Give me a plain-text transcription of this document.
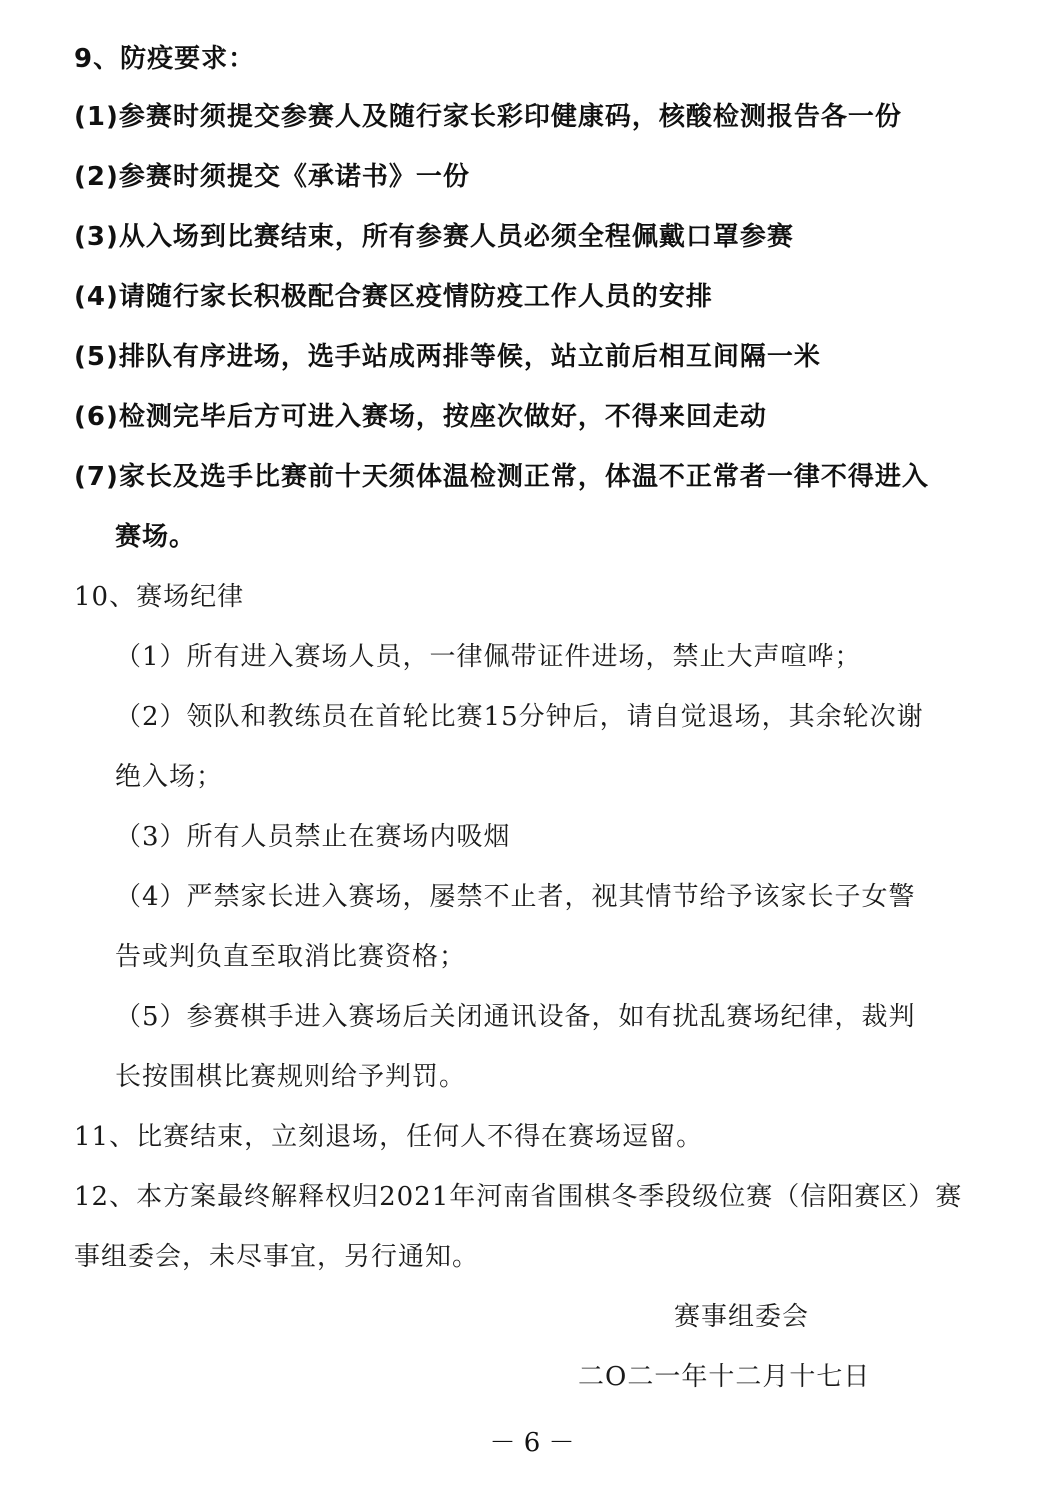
9、防疫要求：
(1)参赛时须提交参赛人及随行家长彩印健康码，核酸检测报告各一份
(2)参赛时须提交《承诺书》一份
(3)从入场到比赛结束，所有参赛人员必须全程佩戴口罩参赛
(4)请随行家长积极配合赛区疫情防疫工作人员的安排
(5)排队有序进场，选手站成两排等候，站立前后相互间隔一米
(6)检测完毕后方可进入赛场，按座次做好，不得来回走动
(7)家长及选手比赛前十天须体温检测正常，体温不正常者一律不得进入
赛场。
10、赛场纪律
（1）所有进入赛场人员，一律佩带证件进场，禁止大声喧哗；
（2）领队和教练员在首轮比赛15分钟后，请自觉退场，其余轮次谢
绝入场；
（3）所有人员禁止在赛场内吸烟
（4）严禁家长进入赛场，屡禁不止者，视其情节给予该家长子女警
告或判负直至取消比赛资格；
（5）参赛棋手进入赛场后关闭通讯设备，如有扰乱赛场纪律，裁判
长按围棋比赛规则给予判罚。
11、比赛结束，立刻退场，任何人不得在赛场逗留。
12、本方案最终解释权归2021年河南省围棋冬季段级位赛（信阳赛区）赛
事组委会，未尽事宜，另行通知。
赛事组委会
二O二一年十二月十七日
－ 6 －
